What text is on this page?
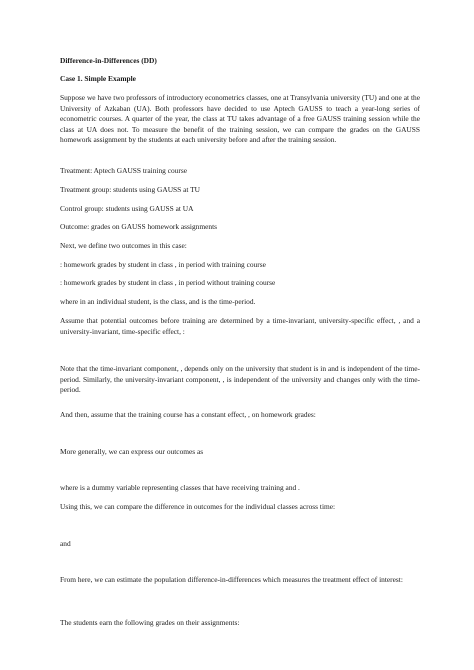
Difference-in-Differences (DD)

Case 1. Simple Example

Suppose we have two professors of introductory econometrics classes, one at Transylvania university (TU) and one at the University of Azkaban (UA). Both professors have decided to use Aptech GAUSS to teach a year-long series of econometric courses. A quarter of the year, the class at TU takes advantage of a free GAUSS training session while the class at UA does not. To measure the benefit of the training session, we can compare the grades on the GAUSS homework assignment by the students at each university before and after the training session.

Treatment: Aptech GAUSS training course

Treatment group: students using GAUSS at TU

Control group: students using GAUSS at UA

Outcome: grades on GAUSS homework assignments

Next, we define two outcomes in this case:

: homework grades by student in class , in period with training course

: homework grades by student in class , in period without training course

where in an individual student, is the class, and is the time-period.

Assume that potential outcomes before training are determined by a time-invariant, university-specific effect, , and a university-invariant, time-specific effect, :

Note that the time-invariant component, , depends only on the university that student is in and is independent of the time-period. Similarly, the university-invariant component, , is independent of the university and changes only with the time-period.

And then, assume that the training course has a constant effect, , on homework grades:

More generally, we can express our outcomes as

where is a dummy variable representing classes that have receiving training and .

Using this, we can compare the difference in outcomes for the individual classes across time:

and

From here, we can estimate the population difference-in-differences which measures the treatment effect of interest:

The students earn the following grades on their assignments:
